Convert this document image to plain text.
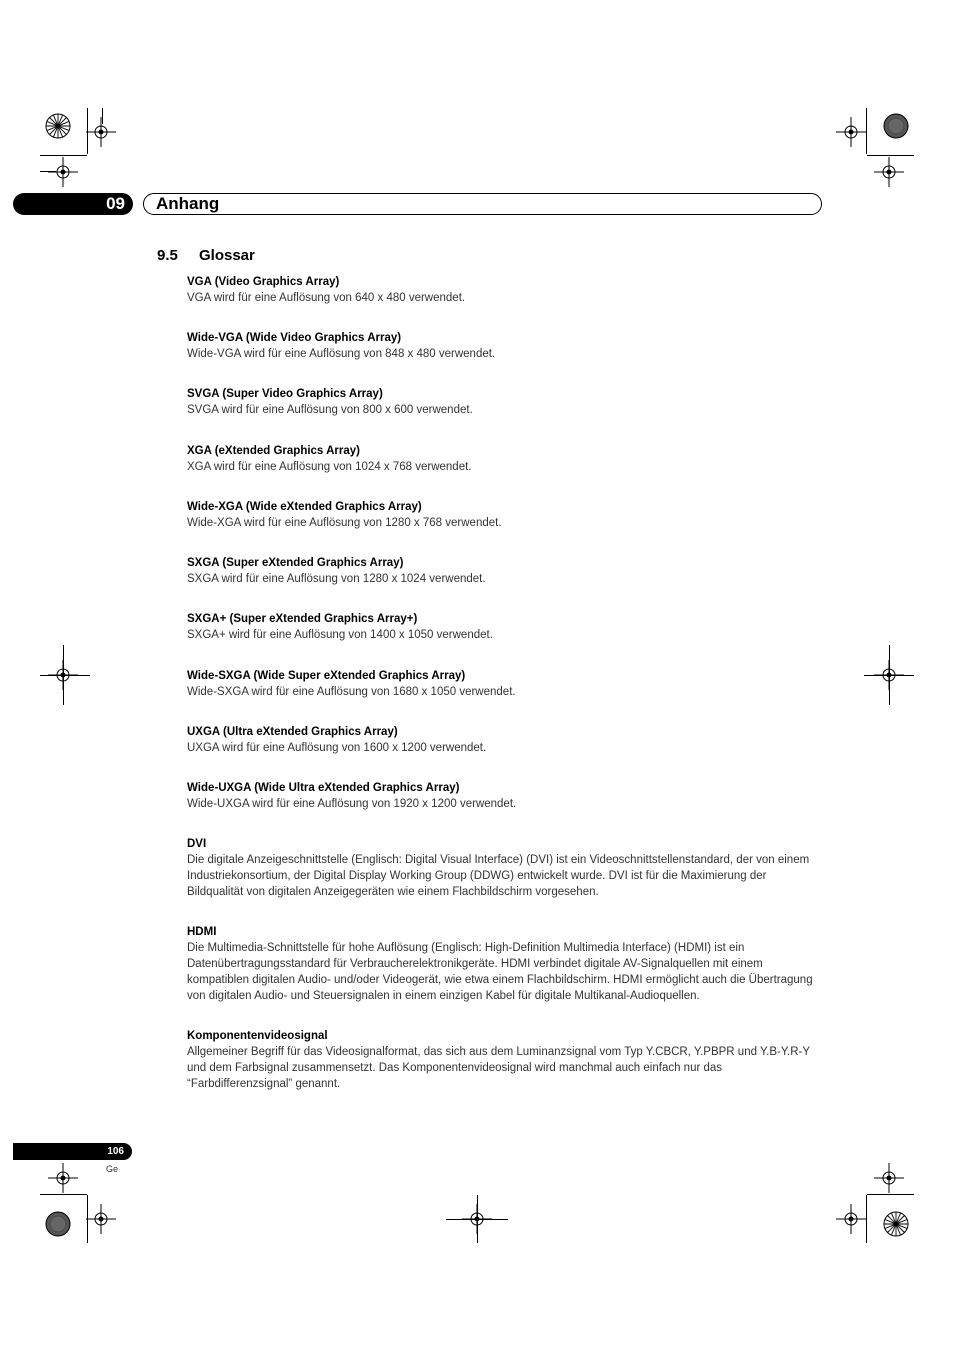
09	Anhang
9.5 Glossar
VGA (Video Graphics Array)
VGA wird für eine Auflösung von 640 x 480 verwendet.
Wide-VGA (Wide Video Graphics Array)
Wide-VGA wird für eine Auflösung von 848 x 480 verwendet.
SVGA (Super Video Graphics Array)
SVGA wird für eine Auflösung von 800 x 600 verwendet.
XGA (eXtended Graphics Array)
XGA wird für eine Auflösung von 1024 x 768 verwendet.
Wide-XGA (Wide eXtended Graphics Array)
Wide-XGA wird für eine Auflösung von 1280 x 768 verwendet.
SXGA (Super eXtended Graphics Array)
SXGA wird für eine Auflösung von 1280 x 1024 verwendet.
SXGA+ (Super eXtended Graphics Array+)
SXGA+ wird für eine Auflösung von 1400 x 1050 verwendet.
Wide-SXGA (Wide Super eXtended Graphics Array)
Wide-SXGA wird für eine Auflösung von 1680 x 1050 verwendet.
UXGA (Ultra eXtended Graphics Array)
UXGA wird für eine Auflösung von 1600 x 1200 verwendet.
Wide-UXGA (Wide Ultra eXtended Graphics Array)
Wide-UXGA wird für eine Auflösung von 1920 x 1200 verwendet.
DVI
Die digitale Anzeigeschnittstelle (Englisch: Digital Visual Interface) (DVI) ist ein Videoschnittstellenstandard, der von einem Industriekonsortium, der Digital Display Working Group (DDWG) entwickelt wurde. DVI ist für die Maximierung der Bildqualität von digitalen Anzeigegeräten wie einem Flachbildschirm vorgesehen.
HDMI
Die Multimedia-Schnittstelle für hohe Auflösung (Englisch: High-Definition Multimedia Interface) (HDMI) ist ein Datenübertragungsstandard für Verbraucherelektronikgeräte. HDMI verbindet digitale AV-Signalquellen mit einem kompatiblen digitalen Audio- und/oder Videogerät, wie etwa einem Flachbildschirm. HDMI ermöglicht auch die Übertragung von digitalen Audio- und Steuersignalen in einem einzigen Kabel für digitale Multikanal-Audioquellen.
Komponentenvideosignal
Allgemeiner Begriff für das Videosignalformat, das sich aus dem Luminanzsignal vom Typ Y.CBCR, Y.PBPR und Y.B-Y.R-Y und dem Farbsignal zusammensetzt. Das Komponentenvideosignal wird manchmal auch einfach nur das “Farbdifferenzsignal” genannt.
106
Ge
